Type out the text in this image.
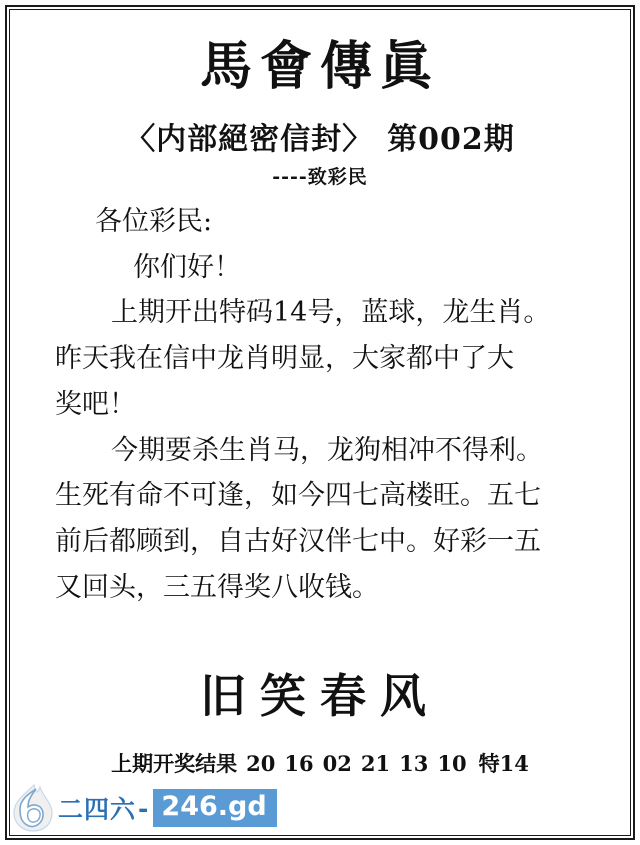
馬會傳眞
〈内部絕密信封〉 第002期
----致彩民

各位彩民:

你们好！

上期开出特码14号，蓝球，龙生肖。

昨天我在信中龙肖明显，大家都中了大

奖吧！

今期要杀生肖马，龙狗相冲不得利。

生死有命不可逢，如今四七高楼旺。五七

前后都顾到，自古好汉伴七中。好彩一五

又回头，三五得奖八收钱。

旧笑春风
上期开奖结果 20 16 02 21 13 10 特14
二四六 - 246.gd
